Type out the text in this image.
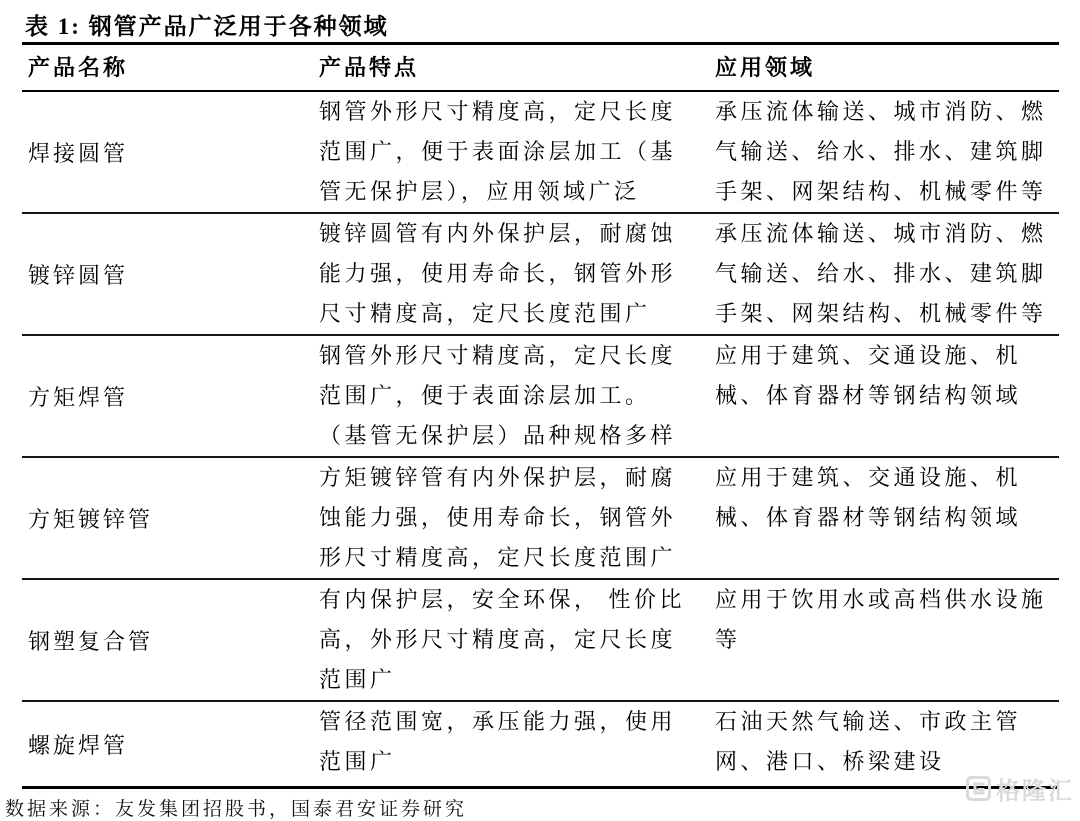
表 1: 钢管产品广泛用于各种领域
产品名称	产品特点	应用领域
焊接圆管
钢管外形尺寸精度高，定尺长度范围广，便于表面涂层加工（基管无保护层），应用领域广泛
承压流体输送、城市消防、燃气输送、给水、排水、建筑脚手架、网架结构、机械零件等
镀锌圆管
镀锌圆管有内外保护层，耐腐蚀能力强，使用寿命长，钢管外形尺寸精度高，定尺长度范围广
承压流体输送、城市消防、燃气输送、给水、排水、建筑脚手架、网架结构、机械零件等
方矩焊管
钢管外形尺寸精度高，定尺长度范围广，便于表面涂层加工。（基管无保护层）品种规格多样
应用于建筑、交通设施、机械、体育器材等钢结构领域
方矩镀锌管
方矩镀锌管有内外保护层，耐腐蚀能力强，使用寿命长，钢管外形尺寸精度高，定尺长度范围广
应用于建筑、交通设施、机械、体育器材等钢结构领域
钢塑复合管
有内保护层，安全环保， 性价比高，外形尺寸精度高，定尺长度范围广
应用于饮用水或高档供水设施等
螺旋焊管
管径范围宽，承压能力强，使用范围广
石油天然气输送、市政主管网、港口、桥梁建设
数据来源：友发集团招股书，国泰君安证券研究
格隆汇
